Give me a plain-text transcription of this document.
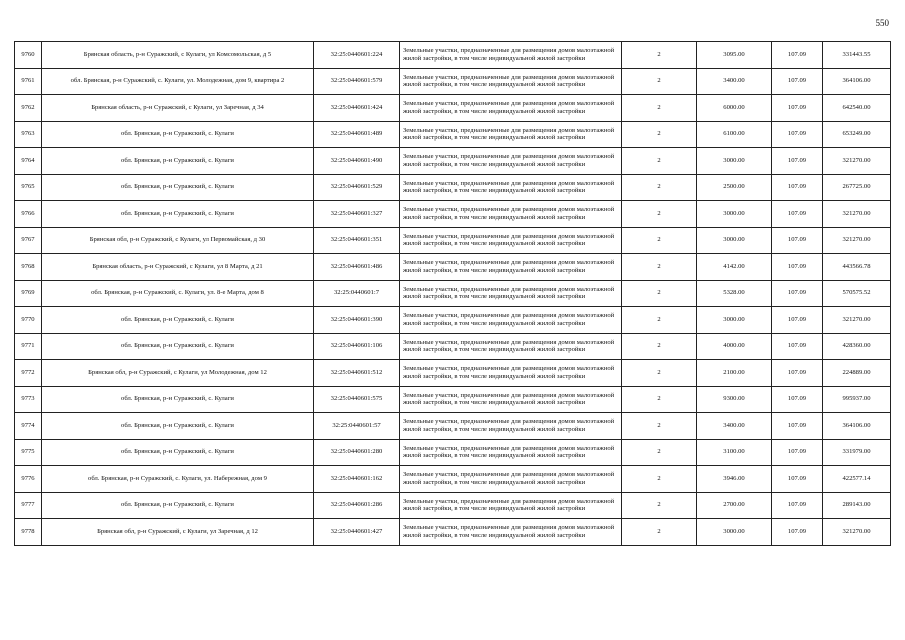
550
9760	Брянская область, р-н Суражский, с Кулаги, ул Комсомольская, д 5	32:25:0440601:224	Земельные участки, предназначенные для размещения домов малоэтажной жилой застройки, в том числе индивидуальной жилой застройки	2	3095.00	107.09	331443.55
9761	обл. Брянская, р-н Суражский, с. Кулаги, ул. Молодежная, дом 9, квартира 2	32:25:0440601:579	Земельные участки, предназначенные для размещения домов малоэтажной жилой застройки, в том числе индивидуальной жилой застройки	2	3400.00	107.09	364106.00
9762	Брянская область, р-н Суражский, с Кулаги, ул Заречная, д 34	32:25:0440601:424	Земельные участки, предназначенные для размещения домов малоэтажной жилой застройки, в том числе индивидуальной жилой застройки	2	6000.00	107.09	642540.00
9763	обл. Брянская, р-н Суражский, с. Кулаги	32:25:0440601:489	Земельные участки, предназначенные для размещения домов малоэтажной жилой застройки, в том числе индивидуальной жилой застройки	2	6100.00	107.09	653249.00
9764	обл. Брянская, р-н Суражский, с. Кулаги	32:25:0440601:490	Земельные участки, предназначенные для размещения домов малоэтажной жилой застройки, в том числе индивидуальной жилой застройки	2	3000.00	107.09	321270.00
9765	обл. Брянская, р-н Суражский, с. Кулаги	32:25:0440601:529	Земельные участки, предназначенные для размещения домов малоэтажной жилой застройки, в том числе индивидуальной жилой застройки	2	2500.00	107.09	267725.00
9766	обл. Брянская, р-н Суражский, с. Кулаги	32:25:0440601:327	Земельные участки, предназначенные для размещения домов малоэтажной жилой застройки, в том числе индивидуальной жилой застройки	2	3000.00	107.09	321270.00
9767	Брянская обл, р-н Суражский, с Кулаги, ул Первомайская, д 30	32:25:0440601:351	Земельные участки, предназначенные для размещения домов малоэтажной жилой застройки, в том числе индивидуальной жилой застройки	2	3000.00	107.09	321270.00
9768	Брянская область, р-н Суражский, с Кулаги, ул 8 Марта, д 21	32:25:0440601:486	Земельные участки, предназначенные для размещения домов малоэтажной жилой застройки, в том числе индивидуальной жилой застройки	2	4142.00	107.09	443566.78
9769	обл. Брянская, р-н Суражский, с. Кулаги, ул. 8-е Марта, дом 8	32:25:0440601:7	Земельные участки, предназначенные для размещения домов малоэтажной жилой застройки, в том числе индивидуальной жилой застройки	2	5328.00	107.09	570575.52
9770	обл. Брянская, р-н Суражский, с. Кулаги	32:25:0440601:390	Земельные участки, предназначенные для размещения домов малоэтажной жилой застройки, в том числе индивидуальной жилой застройки	2	3000.00	107.09	321270.00
9771	обл. Брянская, р-н Суражский, с. Кулаги	32:25:0440601:106	Земельные участки, предназначенные для размещения домов малоэтажной жилой застройки, в том числе индивидуальной жилой застройки	2	4000.00	107.09	428360.00
9772	Брянская обл, р-н Суражский, с Кулаги, ул Молодежная, дом 12	32:25:0440601:512	Земельные участки, предназначенные для размещения домов малоэтажной жилой застройки, в том числе индивидуальной жилой застройки	2	2100.00	107.09	224889.00
9773	обл. Брянская, р-н Суражский, с. Кулаги	32:25:0440601:575	Земельные участки, предназначенные для размещения домов малоэтажной жилой застройки, в том числе индивидуальной жилой застройки	2	9300.00	107.09	995937.00
9774	обл. Брянская, р-н Суражский, с. Кулаги	32:25:0440601:57	Земельные участки, предназначенные для размещения домов малоэтажной жилой застройки, в том числе индивидуальной жилой застройки	2	3400.00	107.09	364106.00
9775	обл. Брянская, р-н Суражский, с. Кулаги	32:25:0440601:280	Земельные участки, предназначенные для размещения домов малоэтажной жилой застройки, в том числе индивидуальной жилой застройки	2	3100.00	107.09	331979.00
9776	обл. Брянская, р-н Суражский, с. Кулаги, ул. Набережная, дом 9	32:25:0440601:162	Земельные участки, предназначенные для размещения домов малоэтажной жилой застройки, в том числе индивидуальной жилой застройки	2	3946.00	107.09	422577.14
9777	обл. Брянская, р-н Суражский, с. Кулаги	32:25:0440601:286	Земельные участки, предназначенные для размещения домов малоэтажной жилой застройки, в том числе индивидуальной жилой застройки	2	2700.00	107.09	289143.00
9778	Брянская обл, р-н Суражский, с Кулаги, ул Заречная, д 12	32:25:0440601:427	Земельные участки, предназначенные для размещения домов малоэтажной жилой застройки, в том числе индивидуальной жилой застройки	2	3000.00	107.09	321270.00
